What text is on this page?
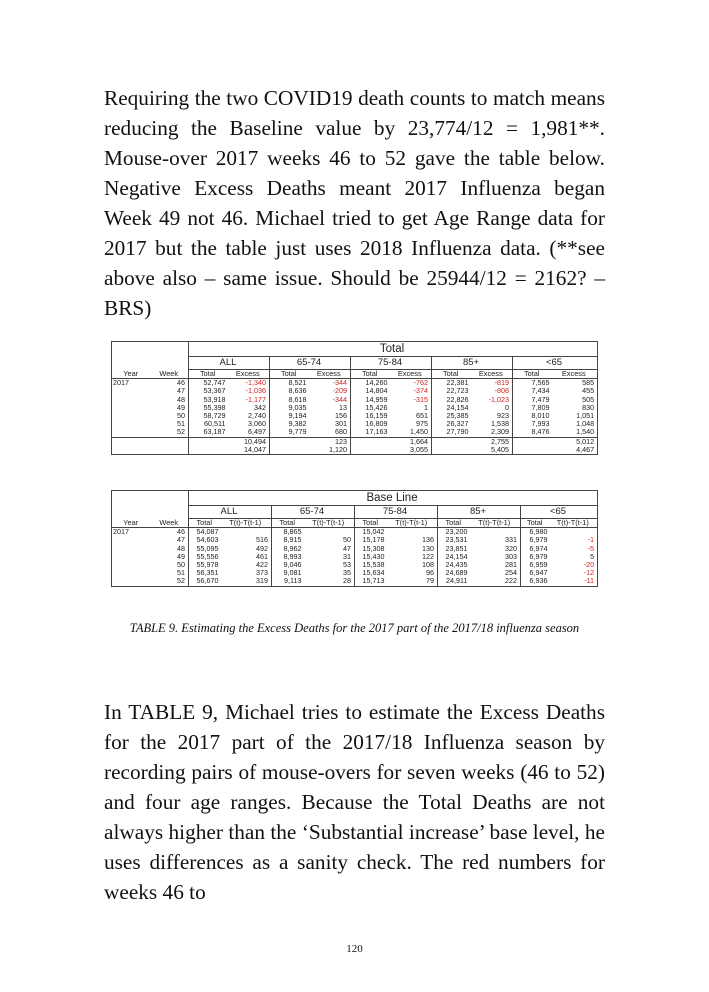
Requiring the two COVID19 death counts to match means reducing the Baseline value by 23,774/12 = 1,981**. Mouse-over 2017 weeks 46 to 52 gave the table below. Negative Excess Deaths meant 2017 Influenza began Week 49 not 46. Michael tried to get Age Range data for 2017 but the table just uses 2018 Influenza data. (**see above also – same issue. Should be 25944/12 = 2162? – BRS)

		Total									
		ALL		65-74		75-84		85+		<65	
Year	Week	Total	Excess	Total	Excess	Total	Excess	Total	Excess	Total	Excess
2017	46	52,747	-1,340	8,521	-344	14,260	-762	22,381	-819	7,565	585
	47	53,367	-1,036	8,636	-209	14,804	-374	22,723	-808	7,434	455
	48	53,918	-1,177	8,618	-344	14,959	-315	22,826	-1,023	7,479	505
	49	55,398	342	9,035	13	15,426	1	24,154	0	7,809	830
	50	58,729	2,740	9,194	156	16,159	651	25,385	923	8,010	1,051
	51	60,511	3,060	9,382	301	16,809	975	26,327	1,538	7,993	1,048
	52	63,187	6,497	9,779	680	17,163	1,450	27,790	2,309	8,476	1,540
		10,494		123		1,664		2,755		5,012	
		14,047		1,120		3,055		5,405		4,467	
		Base Line									
		ALL		65-74		75-84		85+		<65	
Year	Week	Total	T(t)-T(t-1)	Total	T(t)-T(t-1)	Total	T(t)-T(t-1)	Total	T(t)-T(t-1)	Total	T(t)-T(t-1)
2017	46	54,087		8,865		15,042		23,200		6,980	
	47	54,603	516	8,915	50	15,178	136	23,531	331	6,979	-1
	48	55,095	492	8,962	47	15,308	130	23,851	320	6,974	-5
	49	55,556	461	8,993	31	15,430	122	24,154	303	6,979	5
	50	55,978	422	9,046	53	15,538	108	24,435	281	6,959	-20
	51	56,351	373	9,081	35	15,634	96	24,689	254	6,947	-12
	52	56,670	319	9,113	28	15,713	79	24,911	222	6,936	-11

TABLE 9. Estimating the Excess Deaths for the 2017 part of the 2017/18 influenza season

In TABLE 9, Michael tries to estimate the Excess Deaths for the 2017 part of the 2017/18 Influenza season by recording pairs of mouse-overs for seven weeks (46 to 52) and four age ranges. Because the Total Deaths are not always higher than the ‘Substantial increase’ base level, he uses differences as a sanity check. The red numbers for weeks 46 to

120
